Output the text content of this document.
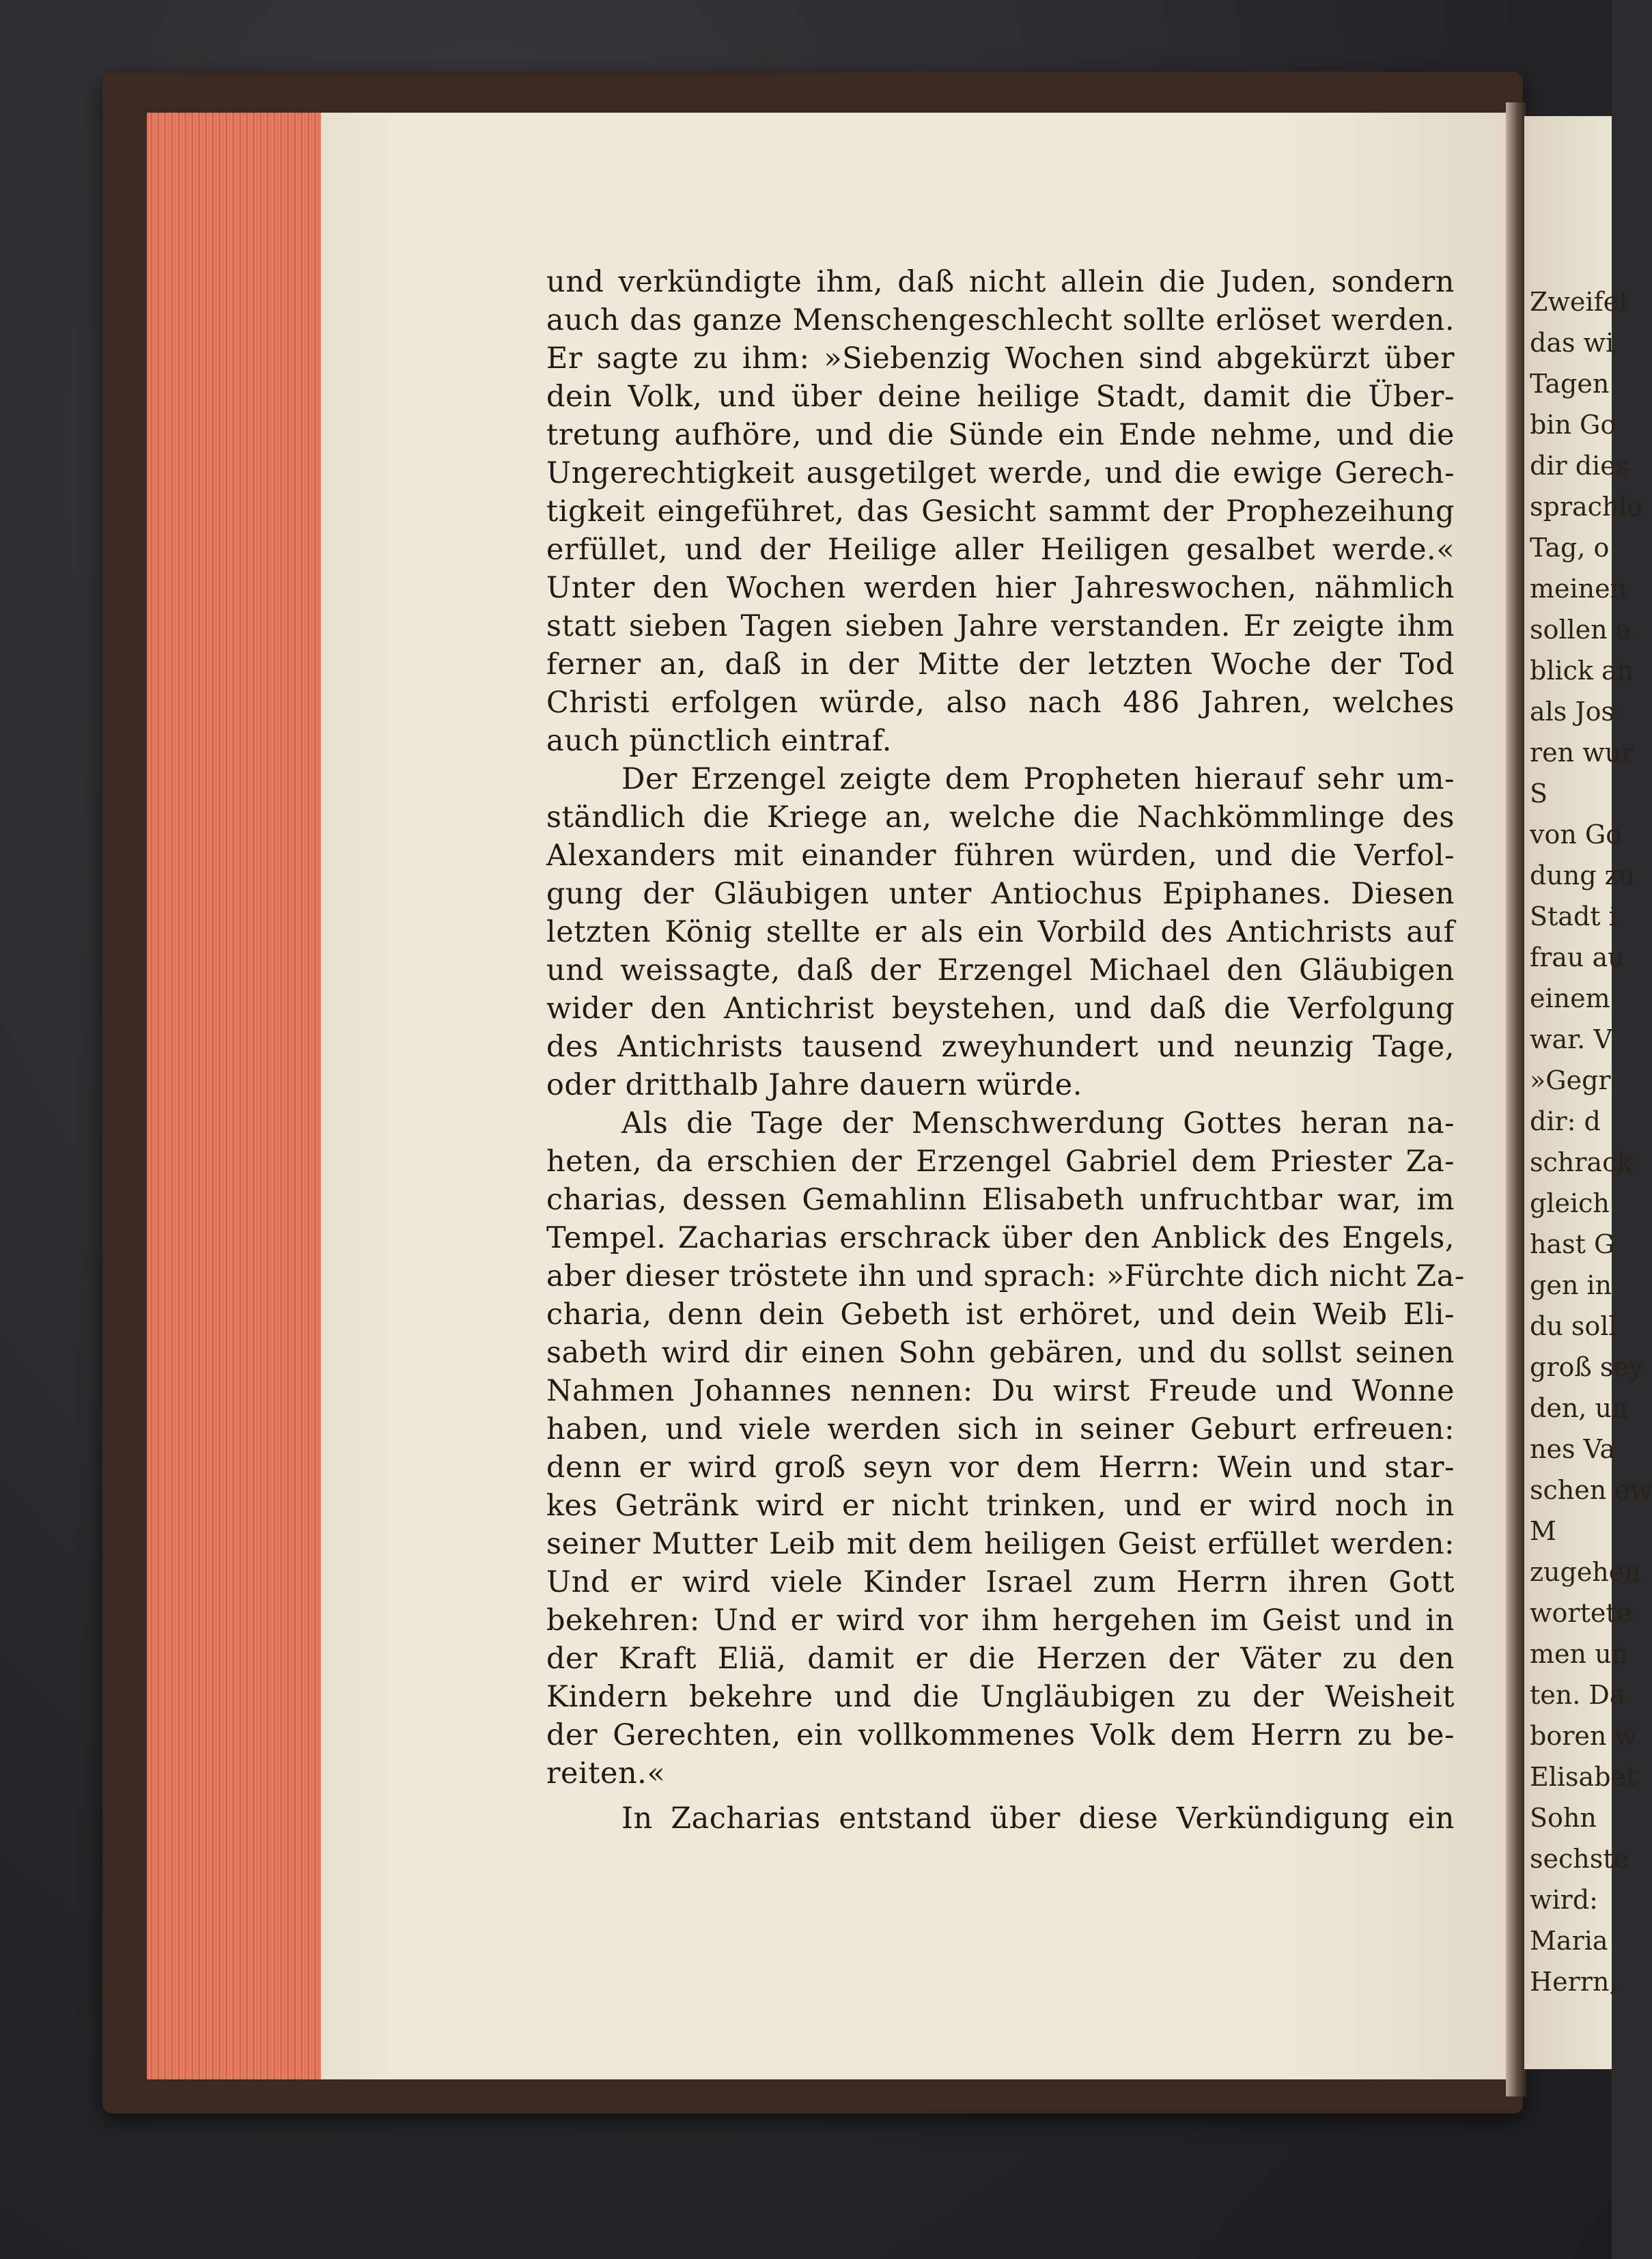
Zweifel
das wi
Tagen
bin Go
dir dies
sprachlo
Tag, o
meinen
sollen e
blick an
als Jos
ren wur
S
von Go
dung zu
Stadt i
frau au
einem
war. V
»Gegr
dir: d
schrack
gleich
hast G
gen in
du soll
groß sey
den, un
nes Va
schen ew
M
zugehen
wortete
men un
ten. Da
boren w
Elisabet
Sohn
sechste
wird:
Maria
Herrn,
und verkündigte ihm, daß nicht allein die Juden, sondern
auch das ganze Menschengeschlecht sollte erlöset werden.
Er sagte zu ihm: »Siebenzig Wochen sind abgekürzt über
dein Volk, und über deine heilige Stadt, damit die Über-
tretung aufhöre, und die Sünde ein Ende nehme, und die
Ungerechtigkeit ausgetilget werde, und die ewige Gerech-
tigkeit eingeführet, das Gesicht sammt der Prophezeihung
erfüllet, und der Heilige aller Heiligen gesalbet werde.«
Unter den Wochen werden hier Jahreswochen, nähmlich
statt sieben Tagen sieben Jahre verstanden. Er zeigte ihm
ferner an, daß in der Mitte der letzten Woche der Tod
Christi erfolgen würde, also nach 486 Jahren, welches
auch pünctlich eintraf.
Der Erzengel zeigte dem Propheten hierauf sehr um-
ständlich die Kriege an, welche die Nachkömmlinge des
Alexanders mit einander führen würden, und die Verfol-
gung der Gläubigen unter Antiochus Epiphanes. Diesen
letzten König stellte er als ein Vorbild des Antichrists auf
und weissagte, daß der Erzengel Michael den Gläubigen
wider den Antichrist beystehen, und daß die Verfolgung
des Antichrists tausend zweyhundert und neunzig Tage,
oder dritthalb Jahre dauern würde.
Als die Tage der Menschwerdung Gottes heran na-
heten, da erschien der Erzengel Gabriel dem Priester Za-
charias, dessen Gemahlinn Elisabeth unfruchtbar war, im
Tempel. Zacharias erschrack über den Anblick des Engels,
aber dieser tröstete ihn und sprach: »Fürchte dich nicht Za-
charia, denn dein Gebeth ist erhöret, und dein Weib Eli-
sabeth wird dir einen Sohn gebären, und du sollst seinen
Nahmen Johannes nennen: Du wirst Freude und Wonne
haben, und viele werden sich in seiner Geburt erfreuen:
denn er wird groß seyn vor dem Herrn: Wein und star-
kes Getränk wird er nicht trinken, und er wird noch in
seiner Mutter Leib mit dem heiligen Geist erfüllet werden:
Und er wird viele Kinder Israel zum Herrn ihren Gott
bekehren: Und er wird vor ihm hergehen im Geist und in
der Kraft Eliä, damit er die Herzen der Väter zu den
Kindern bekehre und die Ungläubigen zu der Weisheit
der Gerechten, ein vollkommenes Volk dem Herrn zu be-
reiten.«
In Zacharias entstand über diese Verkündigung ein
